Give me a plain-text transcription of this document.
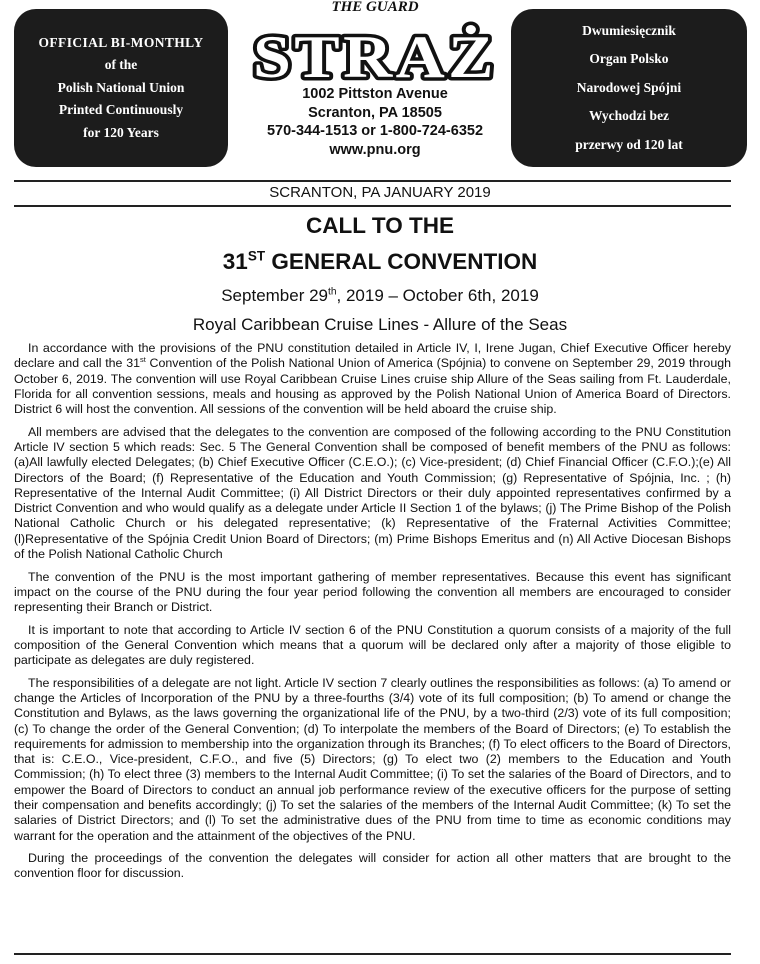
OFFICIAL BI-MONTHLY
of the
Polish National Union
Printed Continuously
for 120 Years
THE GUARD
STRAŻ
1002 Pittston Avenue
Scranton, PA 18505
570-344-1513 or 1-800-724-6352
www.pnu.org
Dwumiesięcznik
Organ Polsko
Narodowej Spójni
Wychodzi bez
przerwy od 120 lat
SCRANTON, PA JANUARY 2019
CALL TO THE
31ST GENERAL CONVENTION
September 29th, 2019 – October 6th, 2019
Royal Caribbean Cruise Lines - Allure of the Seas

In accordance with the provisions of the PNU constitution detailed in Article IV, I, Irene Jugan, Chief Executive Officer hereby declare and call the 31st Convention of the Polish National Union of America (Spójnia) to convene on September 29, 2019 through October 6, 2019. The convention will use Royal Caribbean Cruise Lines cruise ship Allure of the Seas sailing from Ft. Lauderdale, Florida for all convention sessions, meals and housing as approved by the Polish National Union of America Board of Directors. District 6 will host the convention. All sessions of the convention will be held aboard the cruise ship.

All members are advised that the delegates to the convention are composed of the following according to the PNU Constitution Article IV section 5 which reads: Sec. 5 The General Convention shall be composed of benefit members of the PNU as follows: (a)All lawfully elected Delegates; (b) Chief Executive Officer (C.E.O.); (c) Vice-president; (d) Chief Financial Officer (C.F.O.);(e) All Directors of the Board; (f) Representative of the Education and Youth Commission; (g) Representative of Spójnia, Inc. ; (h) Representative of the Internal Audit Committee; (i) All District Directors or their duly appointed representatives confirmed by a District Convention and who would qualify as a delegate under Article II Section 1 of the bylaws; (j) The Prime Bishop of the Polish National Catholic Church or his delegated representative; (k) Representative of the Fraternal Activities Committee; (l)Representative of the Spójnia Credit Union Board of Directors; (m) Prime Bishops Emeritus and (n) All Active Diocesan Bishops of the Polish National Catholic Church

The convention of the PNU is the most important gathering of member representatives. Because this event has significant impact on the course of the PNU during the four year period following the convention all members are encouraged to consider representing their Branch or District.

It is important to note that according to Article IV section 6 of the PNU Constitution a quorum consists of a majority of the full composition of the General Convention which means that a quorum will be declared only after a majority of those eligible to participate as delegates are duly registered.

The responsibilities of a delegate are not light. Article IV section 7 clearly outlines the responsibilities as follows: (a) To amend or change the Articles of Incorporation of the PNU by a three-fourths (3/4) vote of its full composition; (b) To amend or change the Constitution and Bylaws, as the laws governing the organizational life of the PNU, by a two-third (2/3) vote of its full composition; (c) To change the order of the General Convention; (d) To interpolate the members of the Board of Directors; (e) To establish the requirements for admission to membership into the organization through its Branches; (f) To elect officers to the Board of Directors, that is: C.E.O., Vice-president, C.F.O., and five (5) Directors; (g) To elect two (2) members to the Education and Youth Commission; (h) To elect three (3) members to the Internal Audit Committee; (i) To set the salaries of the Board of Directors, and to empower the Board of Directors to conduct an annual job performance review of the executive officers for the purpose of setting their compensation and benefits accordingly; (j) To set the salaries of the members of the Internal Audit Committee; (k) To set the salaries of District Directors; and (l) To set the administrative dues of the PNU from time to time as economic conditions may warrant for the operation and the attainment of the objectives of the PNU.

During the proceedings of the convention the delegates will consider for action all other matters that are brought to the convention floor for discussion.
